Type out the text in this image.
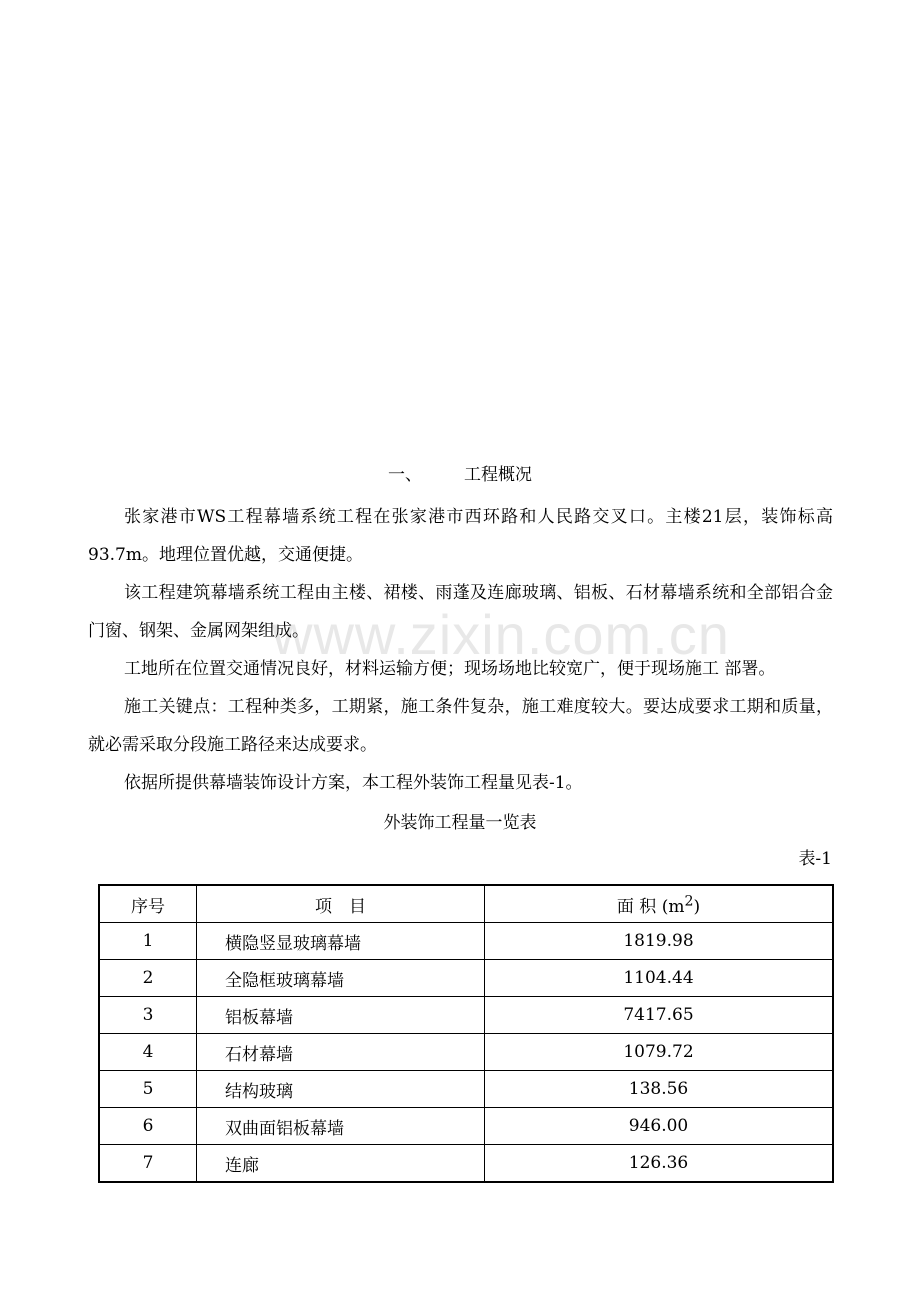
www.zixin.com.cn
一、 工程概况

张家港市WS工程幕墙系统工程在张家港市西环路和人民路交叉口。主楼21层，装饰标高93.7m。地理位置优越，交通便捷。

该工程建筑幕墙系统工程由主楼、裙楼、雨蓬及连廊玻璃、铝板、石材幕墙系统和全部铝合金门窗、钢架、金属网架组成。

工地所在位置交通情况良好，材料运输方便；现场场地比较宽广，便于现场施工 部署。

施工关键点：工程种类多，工期紧，施工条件复杂，施工难度较大。要达成要求工期和质量，就必需采取分段施工路径来达成要求。

依据所提供幕墙装饰设计方案，本工程外装饰工程量见表-1。

外装饰工程量一览表
表-1
序号	项　目	面 积 $(m^2)$
1	横隐竖显玻璃幕墙	1819.98
2	全隐框玻璃幕墙	1104.44
3	铝板幕墙	7417.65
4	石材幕墙	1079.72
5	结构玻璃	138.56
6	双曲面铝板幕墙	946.00
7	连廊	126.36
